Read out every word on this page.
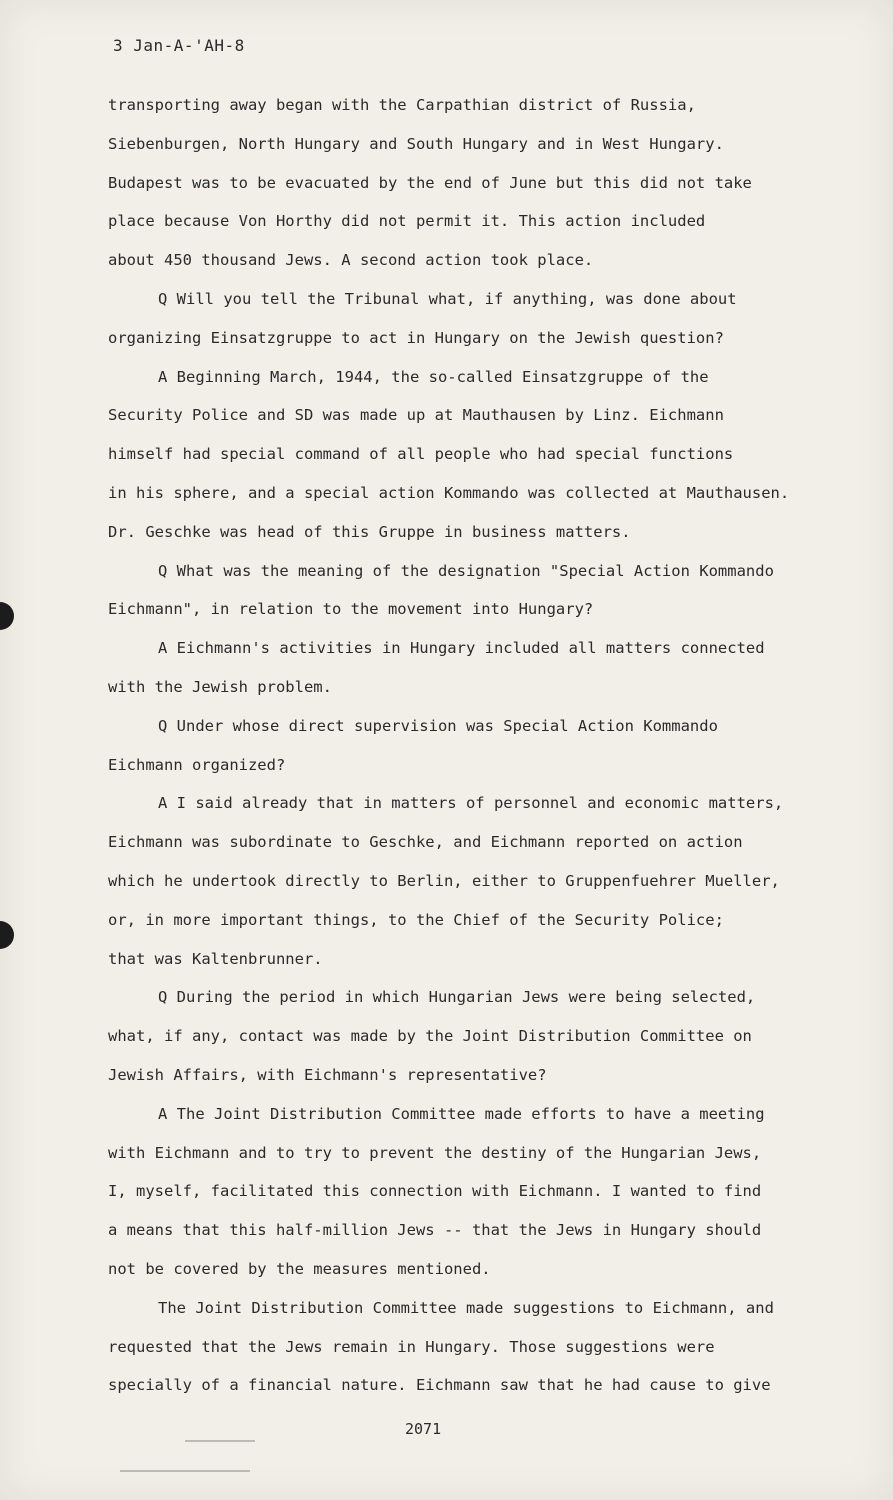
3 Jan-A-'AH-8
transporting away began with the Carpathian district of Russia,
Siebenburgen, North Hungary and South Hungary and in West Hungary.
Budapest was to be evacuated by the end of June but this did not take
place because Von Horthy did not permit it. This action included
about 450 thousand Jews. A second action took place.
Q Will you tell the Tribunal what, if anything, was done about
organizing Einsatzgruppe to act in Hungary on the Jewish question?
A Beginning March, 1944, the so-called Einsatzgruppe of the
Security Police and SD was made up at Mauthausen by Linz. Eichmann
himself had special command of all people who had special functions
in his sphere, and a special action Kommando was collected at Mauthausen.
Dr. Geschke was head of this Gruppe in business matters.
Q What was the meaning of the designation "Special Action Kommando
Eichmann", in relation to the movement into Hungary?
A Eichmann's activities in Hungary included all matters connected
with the Jewish problem.
Q Under whose direct supervision was Special Action Kommando
Eichmann organized?
A I said already that in matters of personnel and economic matters,
Eichmann was subordinate to Geschke, and Eichmann reported on action
which he undertook directly to Berlin, either to Gruppenfuehrer Mueller,
or, in more important things, to the Chief of the Security Police;
that was Kaltenbrunner.
Q During the period in which Hungarian Jews were being selected,
what, if any, contact was made by the Joint Distribution Committee on
Jewish Affairs, with Eichmann's representative?
A The Joint Distribution Committee made efforts to have a meeting
with Eichmann and to try to prevent the destiny of the Hungarian Jews,
I, myself, facilitated this connection with Eichmann. I wanted to find
a means that this half-million Jews -- that the Jews in Hungary should
not be covered by the measures mentioned.
The Joint Distribution Committee made suggestions to Eichmann, and
requested that the Jews remain in Hungary. Those suggestions were
specially of a financial nature. Eichmann saw that he had cause to give
2071
